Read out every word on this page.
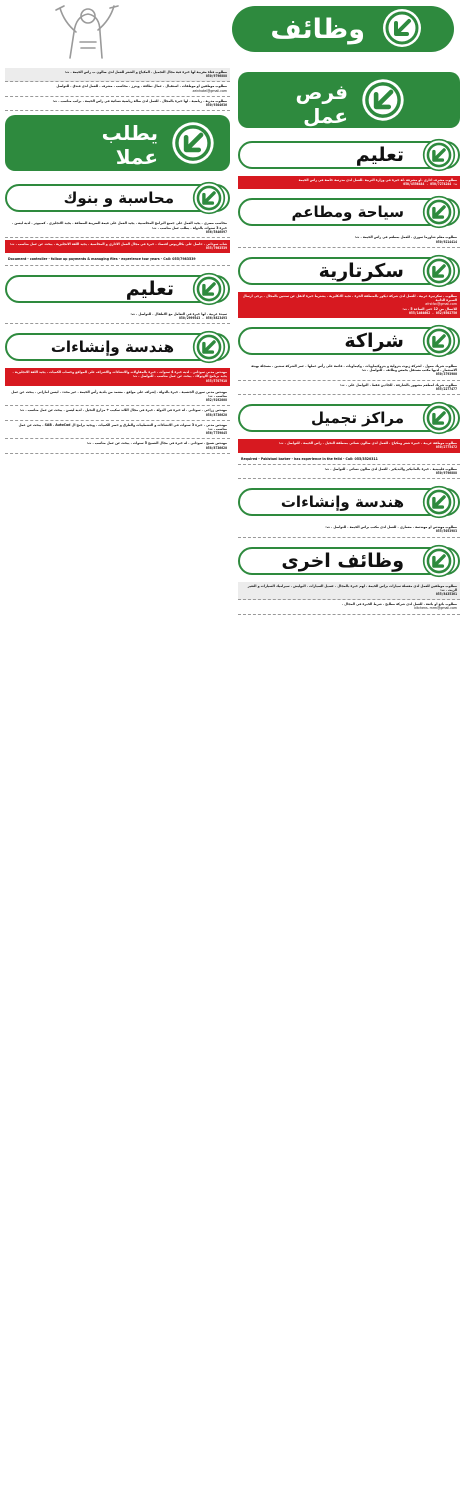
وظائف
فرص
عمل
تعليم
مطلوب مشرف اداري .او مشرفة .لة خبرة في وزارة التربية .للعمل لدى مدرسة خاصة في راس الخيمة
ت: 050/7274244 . 050/4556444
سياحة ومطاعم
مطلوب معلم شاورما سوري . للعمل بمطعم في راس الخيمة . ت:
050/9214414
سكرتارية
مطلوب . سكرتيرة عربية . للعمل لدى شركة ديكور بالمنطقة الحرة . تجيد الانكليزية . يشترط خبرة لاتقل عن سنتين بالمجال . يرجى ارسال السيرة الذاتية
afrstfzc@gmail.com
للاتصال من 12 حتى الساعة 5 . ت:
055/1464602 . 052/6502756
شراكة
مطلوب شريك ممول . لشركة زيوت بترولية و بتروكيماويات . وكيماويات . قائمة على رأس عملها . عمر الشركة سنتين . مسجلة بهيئة الاستثمار . لديها مكتب مستقل بخمس وظائف . للتواصل . ت:
050/3793900
مطلوب شريك لمطعم مشهور بالشارقة . للجادين فقط . التواصل علي . ت:
055/2277477
مراكز تجميل
مطلوب موظفة عربية . خبيرة شعر ومكياج . للعمل لدى صالون نسائي بمنطقة النخيل . راس الخيمة . للتواصل . ت:
050/2775472
Required - Pakistani barber - has experience in the feild - Call: 055/3520311
مطلوب فليبينية . خبرة بالمانيكير والبديكير . للعمل لدى صالون نسائي . للتواصل . ت:
050/9796888
هندسة وإنشاءات
مطلوب مهندس او مهندسة . معماري . للعمل لدى مكتب براس الخيمة . للتواصل . ت:
055/5053983
وظائف اخرى
مطلوب موظفين للعمل لدى مغسلة سيارات براس الخيمة . لهم خبرة بالمجال . غسيل السيارات . البوليش . سيراميك السيارات و التغير الزيت . ت:
055/8435361
مطلوب بائع او بائعة . للعمل لدى شركة مطابخ . شرط الخبرة في المجال .
kitchens. mrm@gmail.com
مطلوب فتاة مغربية لها خبرة فية مجال التجميل . المكياج و الشعر للعمل لدى صالون ب راس الخيمة . ت:
050/9796888
مطلوب موظفين او موظفات . استقبال . عمال نظافة . ويترز . محاسب . مشرف . للعمل لدى فندق . للتواصل
zeinhotel@gmail.com
مطلوب مدربة . رياضية . لها خبرة بالمجال . للعمل لدى صالة رياضية نسائية في راس الخيمة . براتب مناسب . ت:
050/9304636
يطلب
عملا
محاسبة و بنوك
محاسب مصري . يجيد العمل على جميع البرامج المحاسبية . يجيد العمل على قيمة الضريبة المضافة . يجيد الانجليزي . كمبيوتر . لديه ليسن . خبرة 3 سنوات بالدولة . يطلب عمل مناسب . ت:
056/5846897
شاب سوداني . حاصل على بكالريوس اقتصاد . خبرة في مجال العمل الاداري و المحاسبة . يجيد اللغة الانجليزية . يبحث عن عمل مناسب . ت:
055/7983539
Document - controller - follow up payments & managing files - experience tow years - Call: 055/7983539
تعليم
سيدة عربية . لها خبرة في التعامل مع الاطفال . للتواصل . ت:
050/2999543 . 056/8823493
هندسة وإنشاءات
مهندس مدني سوداني . لديه خبرة 4 سنوات . خبرة بالمقاولات والانشاءات والاشراف على المواقع وحساب الكميات . يجيد اللغة الانجليزية . يجيد برنامج الاوتوكاد . يبحث عن عمل مناسب . للتواصل . ت:
055/5707918
مهندس مدني سوري الجنسية . خبرة بالدولة . إشراف على مواقع . معتمد من بلدية رأس الخيمة . غير محدد . ليسن اماراتي . يبحث عن عمل مناسب . ت:
052/9192008
مهندس زراعي . سوداني . له خبرة في الدولة . خبرة في مجال اللاند سكيب + مزارع النخيل . لديه ليسن . يبحث عن عمل مناسب . ت:
058/8736620
مهندس مدني . خبرة 3 سنوات في الانشاءات و التشطيبات والطرق و حصر الكميات . ويجيد برامج ال SAB . AutoCad . يبحث عن عمل مناسب . ت:
056/7759045
مهندس نسيج . سوداني . له خبره في مجال النسيج 5 سنوات . يبحث عن عمل مناسب . ت:
058/8736620
